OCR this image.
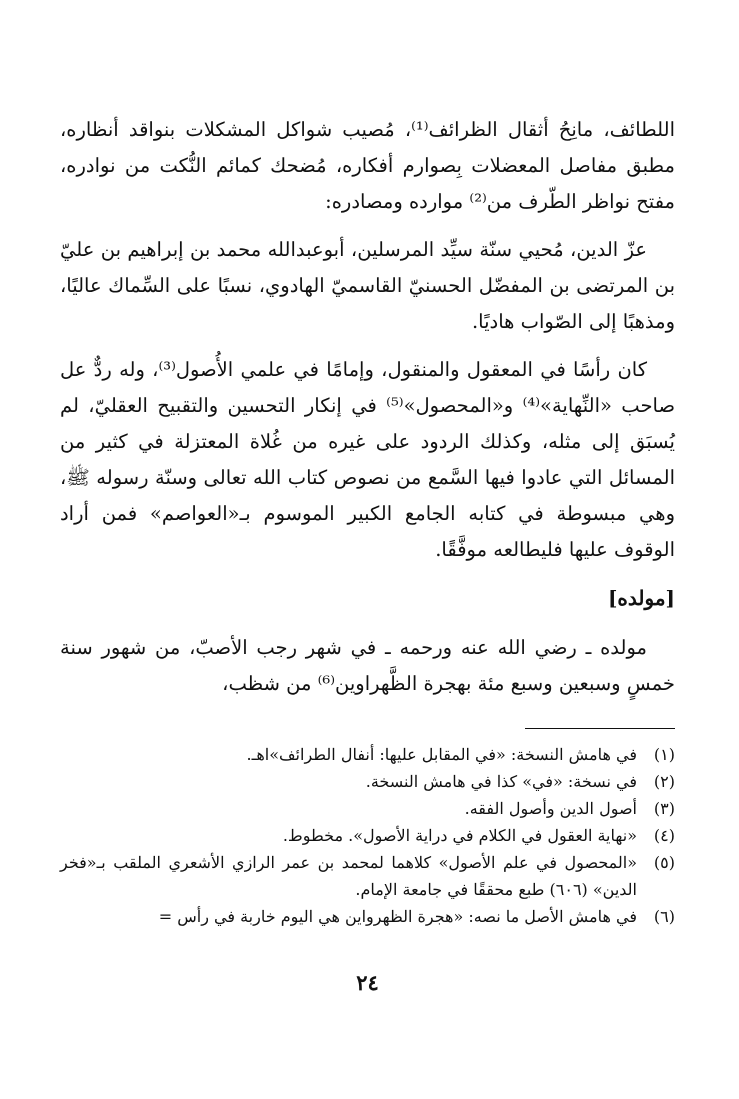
اللطائف، مانِحُ أثقال الظرائف⁽¹⁾، مُصيب شواكل المشكلات بنواقد أنظاره، مطبق مفاصل المعضلات بِصوارم أفكاره، مُضحك كمائم النُّكت من نوادره، مفتح نواظر الطّرف من⁽²⁾ موارده ومصادره:

عزّ الدين، مُحيي سنّة سيِّد المرسلين، أبوعبدالله محمد بن إبراهيم بن عليّ بن المرتضى بن المفضّل الحسنيّ القاسميّ الهادوي، نسبًا على السِّماك عاليًا، ومذهبًا إلى الصّواب هاديًا.

كان رأسًا في المعقول والمنقول، وإمامًا في علمي الأُصول⁽³⁾، وله ردٌّ عل صاحب «النِّهاية»⁽⁴⁾ و«المحصول»⁽⁵⁾ في إنكار التحسين والتقبيح العقليّ، لم يُسبَق إلى مثله، وكذلك الردود على غيره من غُلاة المعتزلة في كثير من المسائل التي عادوا فيها السَّمع من نصوص كتاب الله تعالى وسنّة رسوله ﷺ، وهي مبسوطة في كتابه الجامع الكبير الموسوم بـ«العواصم» فمن أراد الوقوف عليها فليطالعه موفَّقًا.

[مولده]

مولده ـ رضي الله عنه ورحمه ـ في شهر رجب الأصبّ، من شهور سنة خمسٍ وسبعين وسبع مئة بهجرة الظَّهراوين⁽⁶⁾ من شظب،

(١)
في هامش النسخة: «في المقابل عليها: أنفال الطرائف»اهـ.
(٢)
في نسخة: «في» كذا في هامش النسخة.
(٣)
أصول الدين وأصول الفقه.
(٤)
«نهاية العقول في الكلام في دراية الأصول». مخطوط.
(٥)
«المحصول في علم الأصول» كلاهما لمحمد بن عمر الرازي الأشعري الملقب بـ«فخر الدين» (٦٠٦) طبع محققًا في جامعة الإمام.
(٦)
في هامش الأصل ما نصه: «هجرة الظهرواين هي اليوم خاربة في رأس =
٢٤
